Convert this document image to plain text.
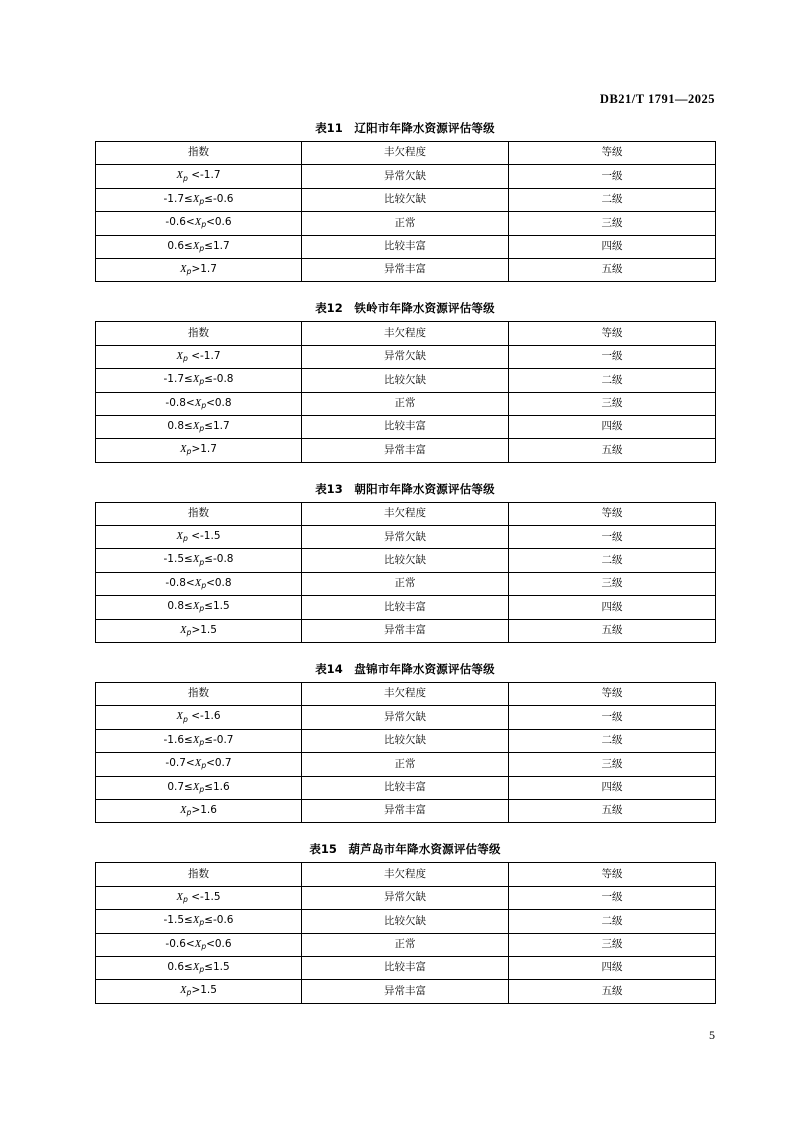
DB21/T 1791—2025
表11  辽阳市年降水资源评估等级
指数	丰欠程度	等级
$X_p <-1.7$	异常欠缺	一级
$-1.7\le X_p\le-0.6$	比较欠缺	二级
$-0.6<X_p<0.6$	正常	三级
$0.6\le X_p\le 1.7$	比较丰富	四级
$X_p>1.7$	异常丰富	五级
表12  铁岭市年降水资源评估等级
指数	丰欠程度	等级
$X_p <-1.7$	异常欠缺	一级
$-1.7\le X_p\le-0.8$	比较欠缺	二级
$-0.8<X_p<0.8$	正常	三级
$0.8\le X_p\le 1.7$	比较丰富	四级
$X_p>1.7$	异常丰富	五级
表13  朝阳市年降水资源评估等级
指数	丰欠程度	等级
$X_p <-1.5$	异常欠缺	一级
$-1.5\le X_p\le-0.8$	比较欠缺	二级
$-0.8<X_p<0.8$	正常	三级
$0.8\le X_p\le 1.5$	比较丰富	四级
$X_p>1.5$	异常丰富	五级
表14  盘锦市年降水资源评估等级
指数	丰欠程度	等级
$X_p <-1.6$	异常欠缺	一级
$-1.6\le X_p\le-0.7$	比较欠缺	二级
$-0.7<X_p<0.7$	正常	三级
$0.7\le X_p\le 1.6$	比较丰富	四级
$X_p>1.6$	异常丰富	五级
表15  葫芦岛市年降水资源评估等级
指数	丰欠程度	等级
$X_p <-1.5$	异常欠缺	一级
$-1.5\le X_p\le-0.6$	比较欠缺	二级
$-0.6<X_p<0.6$	正常	三级
$0.6\le X_p\le 1.5$	比较丰富	四级
$X_p>1.5$	异常丰富	五级
5
